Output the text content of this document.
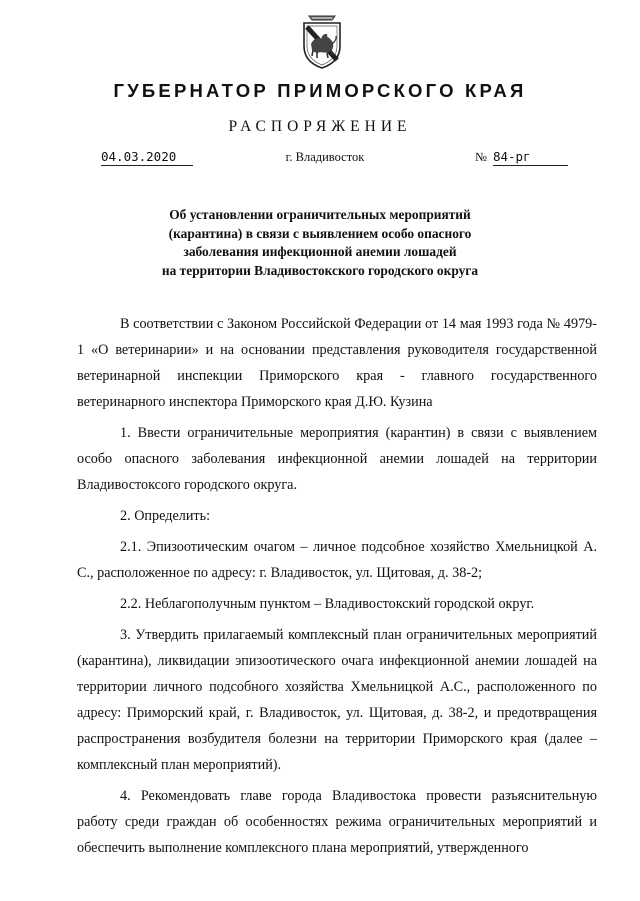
ГУБЕРНАТОР ПРИМОРСКОГО КРАЯ
РАСПОРЯЖЕНИЕ
04.03.2020	г. Владивосток	№ 84-рг
Об установлении ограничительных мероприятий
(карантина) в связи с выявлением особо опасного
заболевания инфекционной анемии лошадей
на территории Владивостокского городского округа

В соответствии с Законом Российской Федерации от 14 мая 1993 года № 4979-1 «О ветеринарии» и на основании представления руководителя государственной ветеринарной инспекции Приморского края - главного государственного ветеринарного инспектора Приморского края Д.Ю. Кузина

1. Ввести ограничительные мероприятия (карантин) в связи с выявлением особо опасного заболевания инфекционной анемии лошадей на территории Владивостоксого городского округа.

2. Определить:

2.1. Эпизоотическим очагом – личное подсобное хозяйство Хмельницкой А. С., расположенное по адресу: г. Владивосток, ул. Щитовая, д. 38-2;

2.2. Неблагополучным пунктом – Владивостокский городской округ.

3. Утвердить прилагаемый комплексный план ограничительных мероприятий (карантина), ликвидации эпизоотического очага инфекционной анемии лошадей на территории личного подсобного хозяйства Хмельницкой А.С., расположенного по адресу: Приморский край, г. Владивосток, ул. Щитовая, д. 38-2, и предотвращения распространения возбудителя болезни на территории Приморского края (далее – комплексный план мероприятий).

4. Рекомендовать главе города Владивостока провести разъяснительную работу среди граждан об особенностях режима ограничительных мероприятий и обеспечить выполнение комплексного плана мероприятий, утвержденного
